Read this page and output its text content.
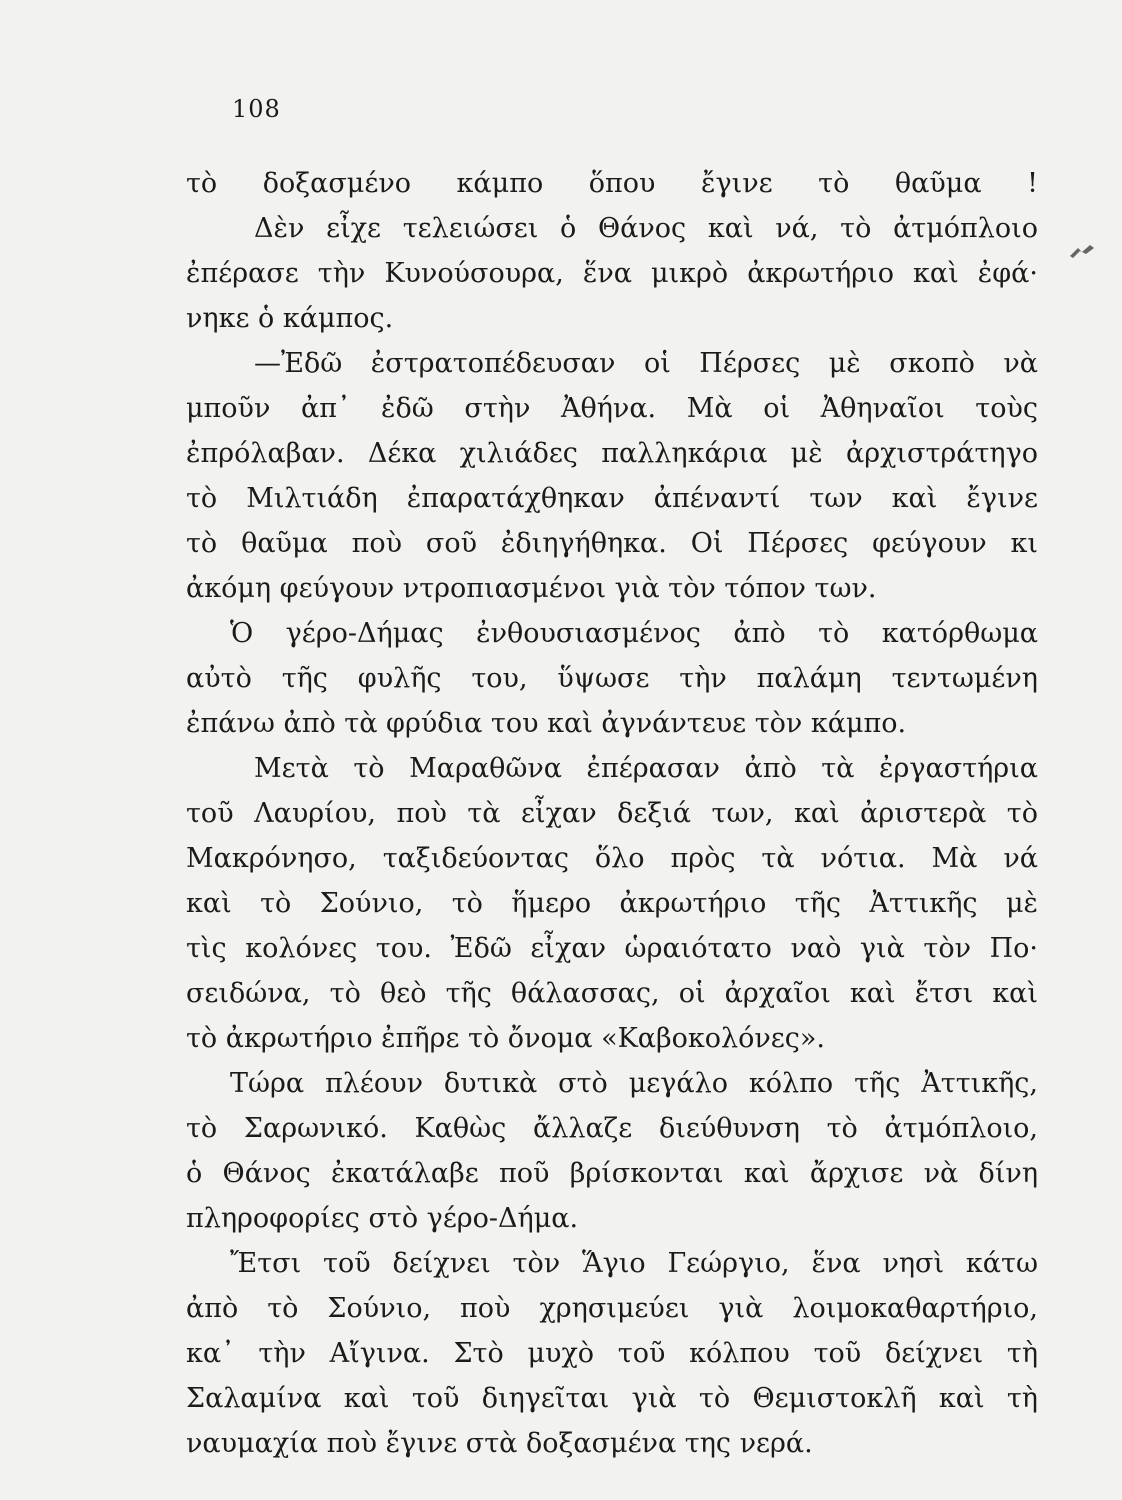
108
τὸ δοξασμένο κάμπο ὅπου ἔγινε τὸ θαῦμα !
Δὲν εἶχε τελειώσει ὁ Θάνος καὶ νά, τὸ ἀτμόπλοιο
ἐπέρασε τὴν Κυνούσουρα, ἕνα μικρὸ ἀκρωτήριο καὶ ἐφά·
νηκε ὁ κάμπος.
—Ἐδῶ ἐστρατοπέδευσαν οἱ Πέρσες μὲ σκοπὸ νὰ
μποῦν ἀπ᾽ ἐδῶ στὴν Ἀθήνα. Μὰ οἱ Ἀθηναῖοι τοὺς
ἐπρόλαβαν. Δέκα χιλιάδες παλληκάρια μὲ ἀρχιστράτηγο
τὸ Μιλτιάδη ἐπαρατάχθηκαν ἀπέναντί των καὶ ἔγινε
τὸ θαῦμα ποὺ σοῦ ἐδιηγήθηκα. Οἱ Πέρσες φεύγουν κι
ἀκόμη φεύγουν ντροπιασμένοι γιὰ τὸν τόπον των.
Ὁ γέρο-Δήμας ἐνθουσιασμένος ἀπὸ τὸ κατόρθωμα
αὐτὸ τῆς φυλῆς του, ὕψωσε τὴν παλάμη τεντωμένη
ἐπάνω ἀπὸ τὰ φρύδια του καὶ ἀγνάντευε τὸν κάμπο.
Μετὰ τὸ Μαραθῶνα ἐπέρασαν ἀπὸ τὰ ἐργαστήρια
τοῦ Λαυρίου, ποὺ τὰ εἶχαν δεξιά των, καὶ ἀριστερὰ τὸ
Μακρόνησο, ταξιδεύοντας ὅλο πρὸς τὰ νότια. Μὰ νά
καὶ τὸ Σούνιο, τὸ ἥμερο ἀκρωτήριο τῆς Ἀττικῆς μὲ
τὶς κολόνες του. Ἐδῶ εἶχαν ὡραιότατο ναὸ γιὰ τὸν Πο·
σειδώνα, τὸ θεὸ τῆς θάλασσας, οἱ ἀρχαῖοι καὶ ἔτσι καὶ
τὸ ἀκρωτήριο ἐπῆρε τὸ ὄνομα «Καβοκολόνες».
Τώρα πλέουν δυτικὰ στὸ μεγάλο κόλπο τῆς Ἀττικῆς,
τὸ Σαρωνικό. Καθὼς ἄλλαζε διεύθυνση τὸ ἀτμόπλοιο,
ὁ Θάνος ἐκατάλαβε ποῦ βρίσκονται καὶ ἄρχισε νὰ δίνη
πληροφορίες στὸ γέρο-Δήμα.
Ἔτσι τοῦ δείχνει τὸν Ἅγιο Γεώργιο, ἕνα νησὶ κάτω
ἀπὸ τὸ Σούνιο, ποὺ χρησιμεύει γιὰ λοιμοκαθαρτήριο,
κα᾽ τὴν Αἴγινα. Στὸ μυχὸ τοῦ κόλπου τοῦ δείχνει τὴ
Σαλαμίνα καὶ τοῦ διηγεῖται γιὰ τὸ Θεμιστοκλῆ καὶ τὴ
ναυμαχία ποὺ ἔγινε στὰ δοξασμένα της νερά.
